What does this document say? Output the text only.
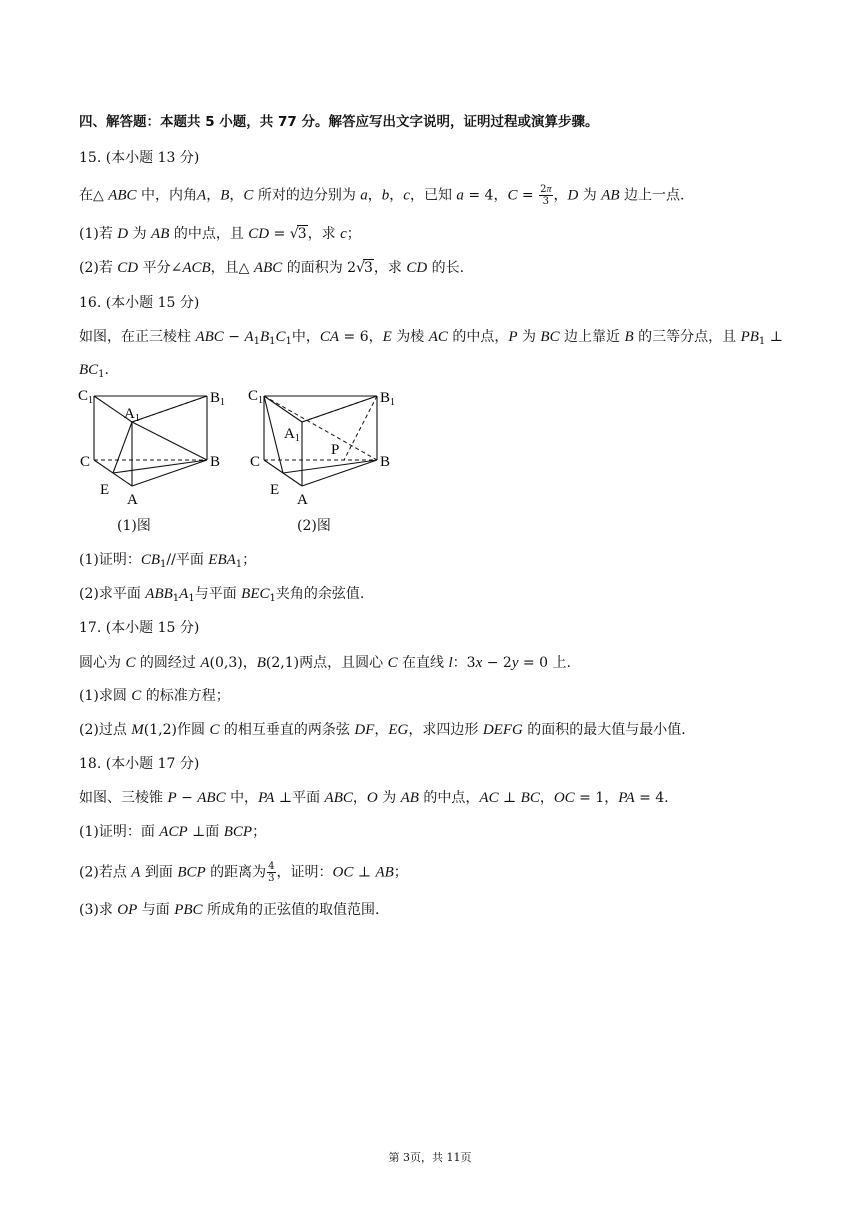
四、解答题：本题共 5 小题，共 77 分。解答应写出文字说明，证明过程或演算步骤。
15. (本小题 13 分)
在△ ABC 中，内角A，B，C 所对的边分别为 a，b，c，已知 a = 4，$C = \frac{2\pi}{3}$ ，D 为 AB 边上一点.
(1)若 D 为 AB 的中点，且 CD = √3，求 c；
(2)若 CD 平分∠ACB，且△ ABC 的面积为 2√3，求 CD 的长.
16. (本小题 15 分)
如图，在正三棱柱 ABC − $A_1B_1C_1$中，CA = 6，E 为棱 AC 的中点，P 为 BC 边上靠近 B 的三等分点，且 $PB_1$ ⊥
$BC_1$.
$C_1$	$B_1$
$A_1$
C	B
E
A
(1)图
$C_1$	$B_1$
$A_1$
P
C	B
E
A
(2)图
(1)证明：$CB_1//$平面 $EBA_1$；
(2)求平面 $ABB_1A_1$与平面 $BEC_1$夹角的余弦值.
17. (本小题 15 分)
圆心为 C 的圆经过 A(0,3)，B(2,1)两点，且圆心 C 在直线 l：3x − 2y = 0 上.
(1)求圆 C 的标准方程；
(2)过点 M(1,2)作圆 C 的相互垂直的两条弦 DF，EG，求四边形 DEFG 的面积的最大值与最小值.
18. (本小题 17 分)
如图、三棱锥 P − ABC 中，PA ⊥平面 ABC，O 为 AB 的中点，AC ⊥ BC，OC = 1，PA = 4.
(1)证明：面 ACP ⊥面 BCP；
(2)若点 A 到面 BCP 的距离为 $\frac{4}{3}$ ，证明：OC ⊥ AB；
(3)求 OP 与面 PBC 所成角的正弦值的取值范围.
第 3页，共 11页
